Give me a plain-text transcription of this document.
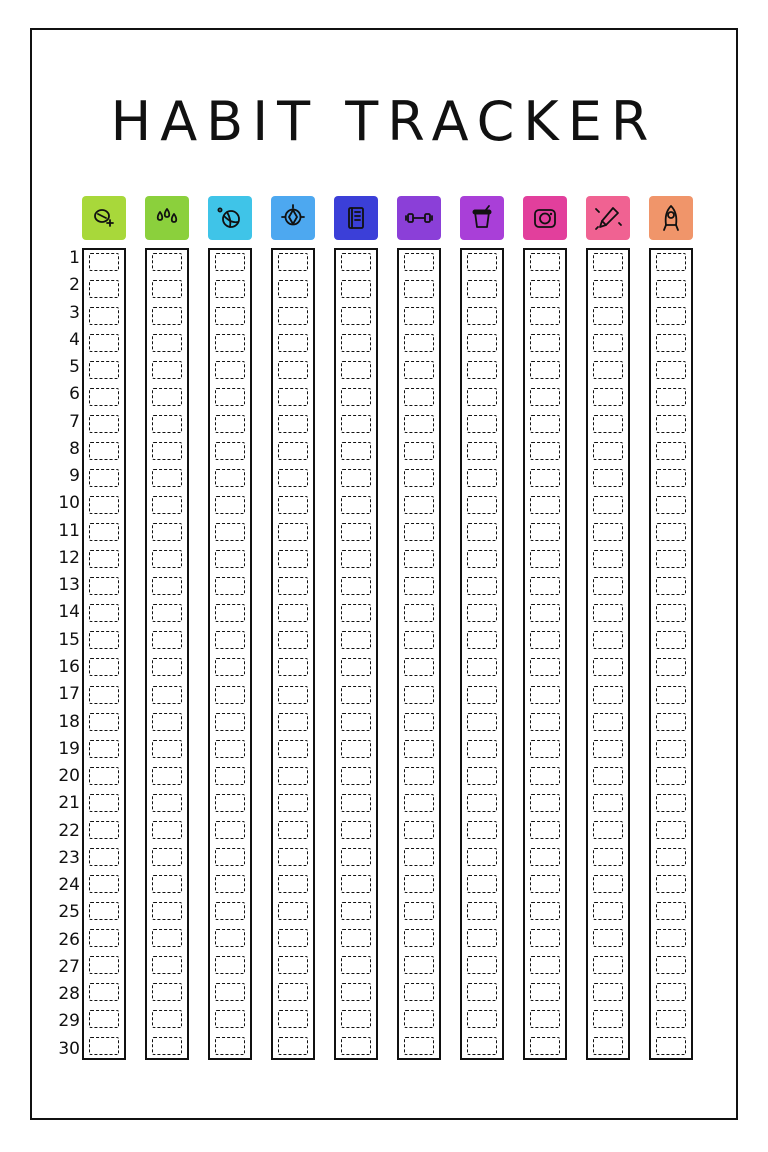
HABIT TRACKER
1
2
3
4
5
6
7
8
9
10
11
12
13
14
15
16
17
18
19
20
21
22
23
24
25
26
27
28
29
30
